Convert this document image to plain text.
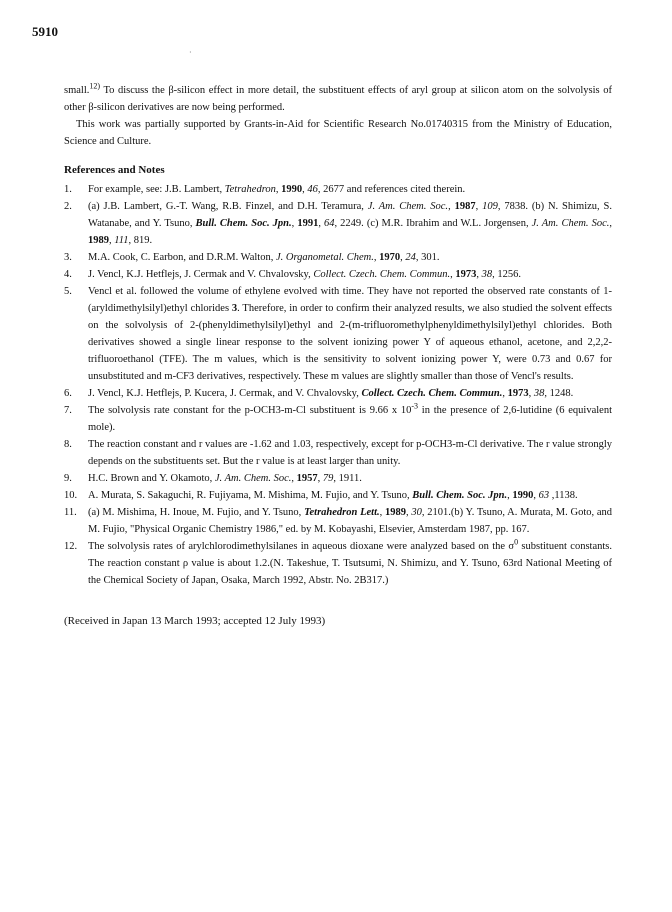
5910
·

small.$^{12)}$ To discuss the β-silicon effect in more detail, the substituent effects of aryl group at silicon atom on the solvolysis of other β-silicon derivatives are now being performed.

This work was partially supported by Grants-in-Aid for Scientific Research No.01740315 from the Ministry of Education, Science and Culture.

References and Notes
1. For example, see: J.B. Lambert, Tetrahedron, 1990, 46, 2677 and references cited therein.
2. (a) J.B. Lambert, G.-T. Wang, R.B. Finzel, and D.H. Teramura, J. Am. Chem. Soc., 1987, 109, 7838. (b) N. Shimizu, S. Watanabe, and Y. Tsuno, Bull. Chem. Soc. Jpn., 1991, 64, 2249. (c) M.R. Ibrahim and W.L. Jorgensen, J. Am. Chem. Soc., 1989, 111, 819.
3. M.A. Cook, C. Earbon, and D.R.M. Walton, J. Organometal. Chem., 1970, 24, 301.
4. J. Vencl, K.J. Hetflejs, J. Cermak and V. Chvalovsky, Collect. Czech. Chem. Commun., 1973, 38, 1256.
5. Vencl et al. followed the volume of ethylene evolved with time. They have not reported the observed rate constants of 1-(aryldimethylsilyl)ethyl chlorides 3. Therefore, in order to confirm their analyzed results, we also studied the solvent effects on the solvolysis of 2-(phenyldimethylsilyl)ethyl and 2-(m-trifluoromethylphenyldimethylsilyl)ethyl chlorides. Both derivatives showed a single linear response to the solvent ionizing power Y of aqueous ethanol, acetone, and 2,2,2-trifluoroethanol (TFE). The m values, which is the sensitivity to solvent ionizing power Y, were 0.73 and 0.67 for unsubstituted and m-CF3 derivatives, respectively. These m values are slightly smaller than those of Vencl's results.
6. J. Vencl, K.J. Hetflejs, P. Kucera, J. Cermak, and V. Chvalovsky, Collect. Czech. Chem. Commun., 1973, 38, 1248.
7. The solvolysis rate constant for the p-OCH3-m-Cl substituent is 9.66 x $10^{-3}$ in the presence of 2,6-lutidine (6 equivalent mole).
8. The reaction constant and r values are -1.62 and 1.03, respectively, except for p-OCH3-m-Cl derivative. The r value strongly depends on the substituents set. But the r value is at least larger than unity.
9. H.C. Brown and Y. Okamoto, J. Am. Chem. Soc., 1957, 79, 1911.
10. A. Murata, S. Sakaguchi, R. Fujiyama, M. Mishima, M. Fujio, and Y. Tsuno, Bull. Chem. Soc. Jpn., 1990, 63 ,1138.
11. (a) M. Mishima, H. Inoue, M. Fujio, and Y. Tsuno, Tetrahedron Lett., 1989, 30, 2101.(b) Y. Tsuno, A. Murata, M. Goto, and M. Fujio, "Physical Organic Chemistry 1986," ed. by M. Kobayashi, Elsevier, Amsterdam 1987, pp. 167.
12. The solvolysis rates of arylchlorodimethylsilanes in aqueous dioxane were analyzed based on the $\sigma^0$ substituent constants. The reaction constant ρ value is about 1.2.(N. Takeshue, T. Tsutsumi, N. Shimizu, and Y. Tsuno, 63rd National Meeting of the Chemical Society of Japan, Osaka, March 1992, Abstr. No. 2B317.)

(Received in Japan 13 March 1993; accepted 12 July 1993)
